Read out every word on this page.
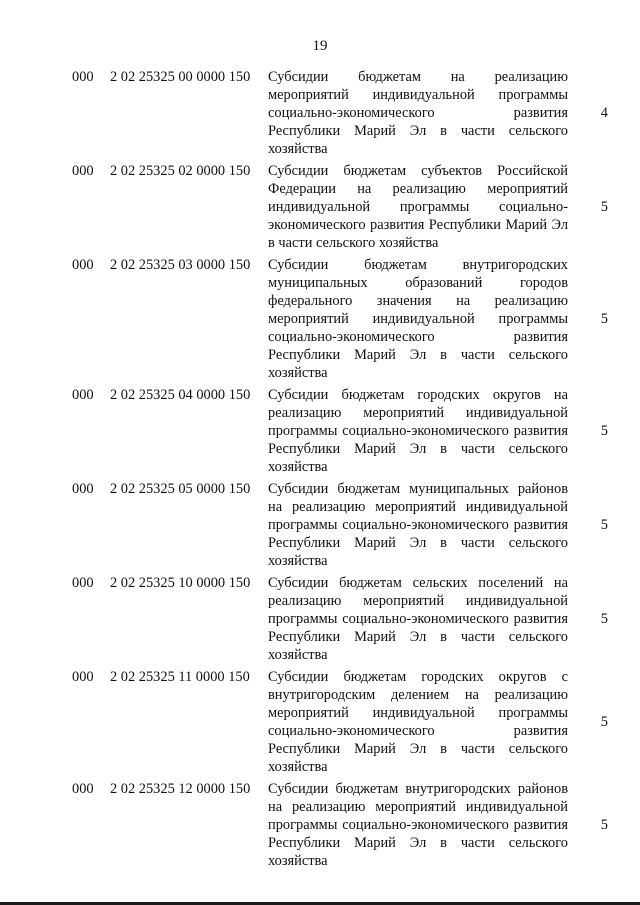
19
000	2 02 25325 00 0000 150	Субсидии бюджетам на реализацию мероприятий индивидуальной программы социально-экономического развития Республики Марий Эл в части сельского хозяйства
4
000	2 02 25325 02 0000 150	Субсидии бюджетам субъектов Российской Федерации на реализацию мероприятий индивидуальной программы социально-экономического развития Республики Марий Эл в части сельского хозяйства
5
000	2 02 25325 03 0000 150	Субсидии бюджетам внутригородских муниципальных образований городов федерального значения на реализацию мероприятий индивидуальной программы социально-экономического развития Республики Марий Эл в части сельского хозяйства
5
000	2 02 25325 04 0000 150	Субсидии бюджетам городских округов на реализацию мероприятий индивидуальной программы социально-экономического развития Республики Марий Эл в части сельского хозяйства
5
000	2 02 25325 05 0000 150	Субсидии бюджетам муниципальных районов на реализацию мероприятий индивидуальной программы социально-экономического развития Республики Марий Эл в части сельского хозяйства
5
000	2 02 25325 10 0000 150	Субсидии бюджетам сельских поселений на реализацию мероприятий индивидуальной программы социально-экономического развития Республики Марий Эл в части сельского хозяйства
5
000	2 02 25325 11 0000 150	Субсидии бюджетам городских округов с внутригородским делением на реализацию мероприятий индивидуальной программы социально-экономического развития Республики Марий Эл в части сельского хозяйства
5
000	2 02 25325 12 0000 150	Субсидии бюджетам внутригородских районов на реализацию мероприятий индивидуальной программы социально-экономического развития Республики Марий Эл в части сельского хозяйства
5
